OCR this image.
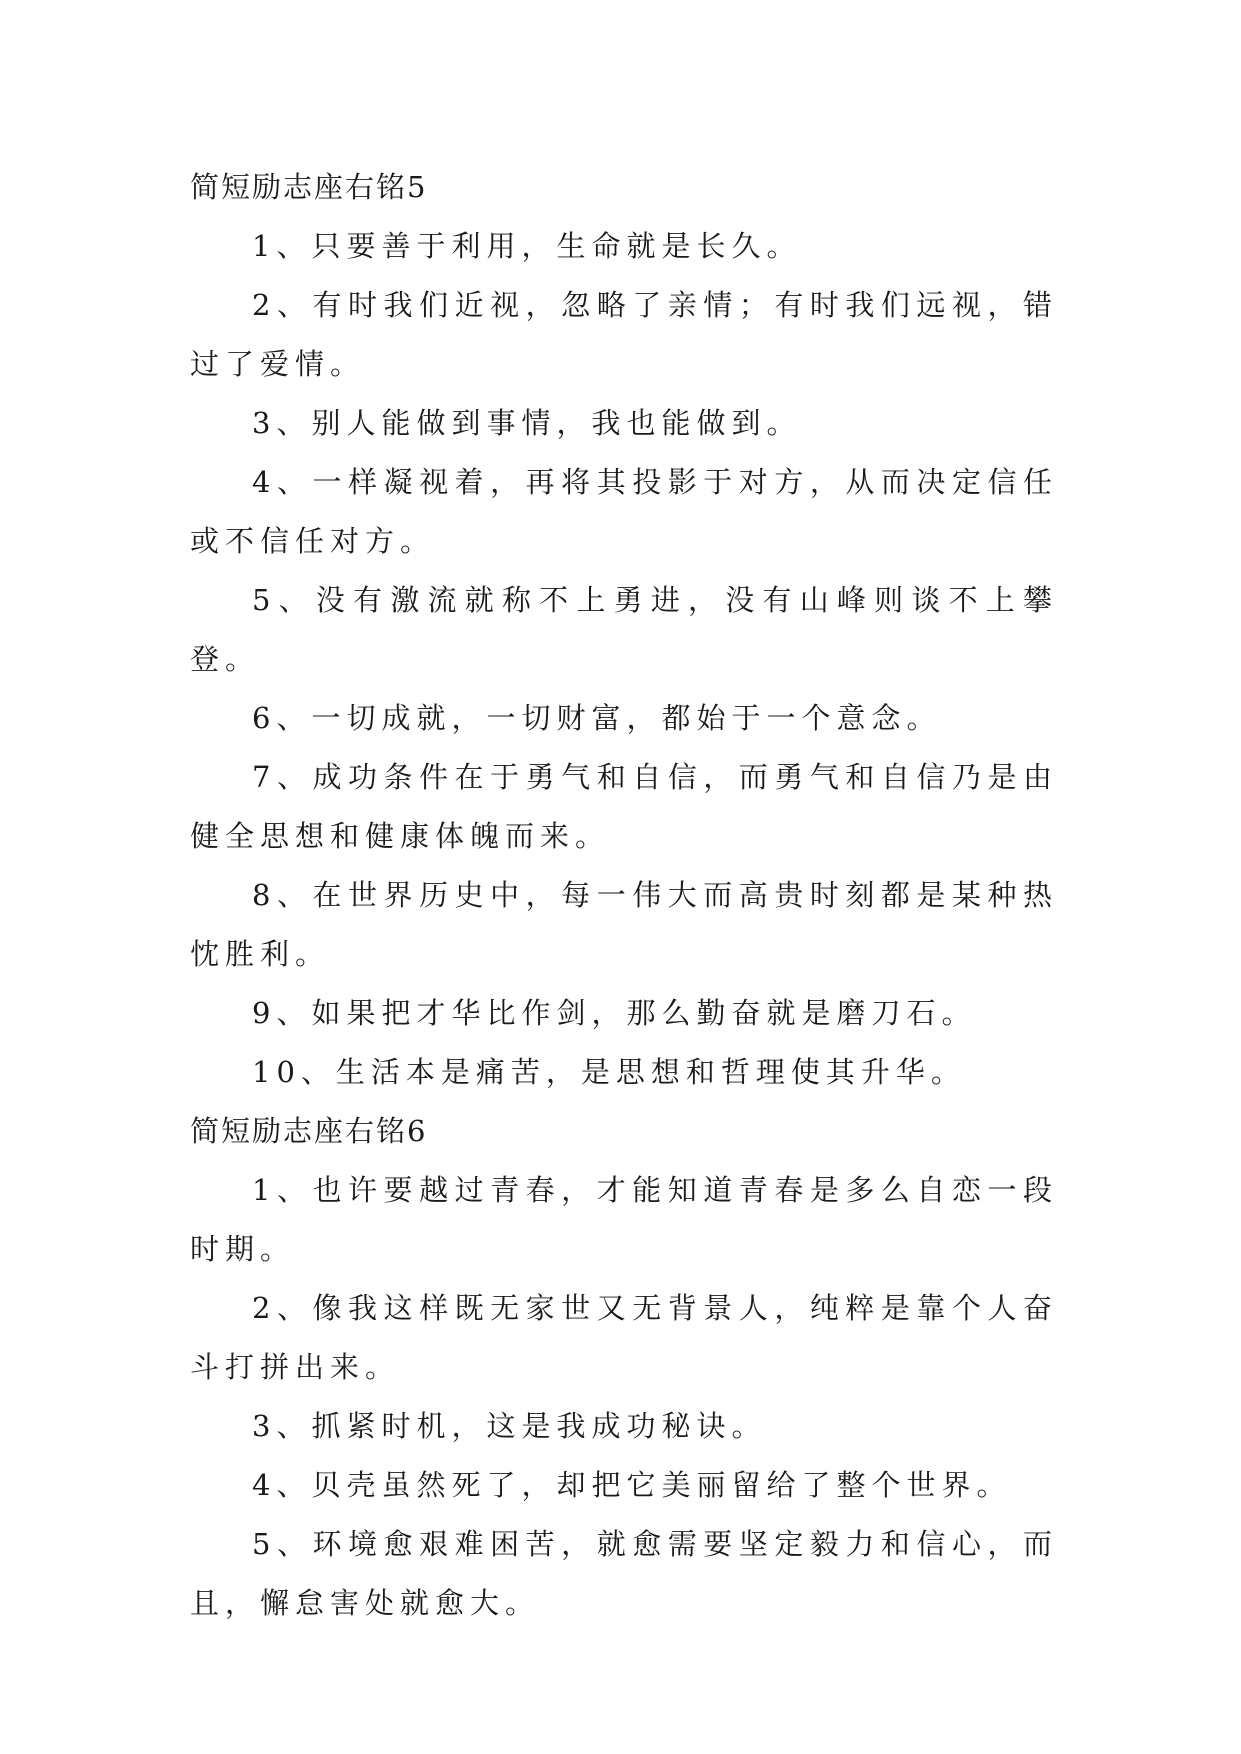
简短励志座右铭5

1、只要善于利用，生命就是长久。

2、有时我们近视，忽略了亲情；有时我们远视，错过了爱情。

3、别人能做到事情，我也能做到。

4、一样凝视着，再将其投影于对方，从而决定信任或不信任对方。

5、没有激流就称不上勇进，没有山峰则谈不上攀登。

6、一切成就，一切财富，都始于一个意念。

7、成功条件在于勇气和自信，而勇气和自信乃是由健全思想和健康体魄而来。

8、在世界历史中，每一伟大而高贵时刻都是某种热忱胜利。

9、如果把才华比作剑，那么勤奋就是磨刀石。

10、生活本是痛苦，是思想和哲理使其升华。

简短励志座右铭6

1、也许要越过青春，才能知道青春是多么自恋一段时期。

2、像我这样既无家世又无背景人，纯粹是靠个人奋斗打拼出来。

3、抓紧时机，这是我成功秘诀。

4、贝壳虽然死了，却把它美丽留给了整个世界。

5、环境愈艰难困苦，就愈需要坚定毅力和信心，而且，懈怠害处就愈大。
